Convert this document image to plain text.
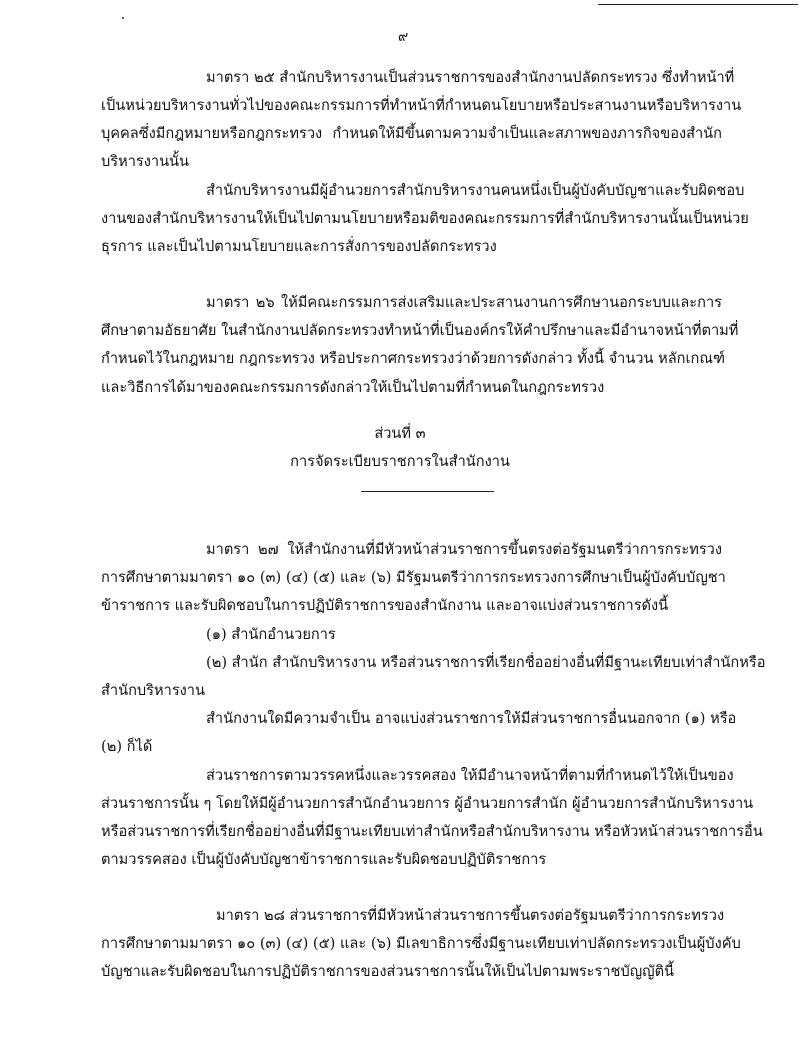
๙
มาตรา ๒๕ สำนักบริหารงานเป็นส่วนราชการของสำนักงานปลัดกระทรวง ซึ่งทำหน้าที่
เป็นหน่วยบริหารงานทั่วไปของคณะกรรมการที่ทำหน้าที่กำหนดนโยบายหรือประสานงานหรือบริหารงาน
บุคคลซึ่งมีกฎหมายหรือกฎกระทรวง กำหนดให้มีขึ้นตามความจำเป็นและสภาพของภารกิจของสำนัก
บริหารงานนั้น
สำนักบริหารงานมีผู้อำนวยการสำนักบริหารงานคนหนึ่งเป็นผู้บังคับบัญชาและรับผิดชอบ
งานของสำนักบริหารงานให้เป็นไปตามนโยบายหรือมติของคณะกรรมการที่สำนักบริหารงานนั้นเป็นหน่วย
ธุรการ และเป็นไปตามนโยบายและการสั่งการของปลัดกระทรวง
มาตรา ๒๖ ให้มีคณะกรรมการส่งเสริมและประสานงานการศึกษานอกระบบและการ
ศึกษาตามอัธยาศัย ในสำนักงานปลัดกระทรวงทำหน้าที่เป็นองค์กรให้คำปรึกษาและมีอำนาจหน้าที่ตามที่
กำหนดไว้ในกฎหมาย กฎกระทรวง หรือประกาศกระทรวงว่าด้วยการดังกล่าว ทั้งนี้ จำนวน หลักเกณฑ์
และวิธีการได้มาของคณะกรรมการดังกล่าวให้เป็นไปตามที่กำหนดในกฎกระทรวง
ส่วนที่ ๓
การจัดระเบียบราชการในสำนักงาน
มาตรา ๒๗ ให้สำนักงานที่มีหัวหน้าส่วนราชการขึ้นตรงต่อรัฐมนตรีว่าการกระทรวง
การศึกษาตามมาตรา ๑๐ (๓) (๔) (๕) และ (๖) มีรัฐมนตรีว่าการกระทรวงการศึกษาเป็นผู้บังคับบัญชา
ข้าราชการ และรับผิดชอบในการปฏิบัติราชการของสำนักงาน และอาจแบ่งส่วนราชการดังนี้
(๑) สำนักอำนวยการ
(๒) สำนัก สำนักบริหารงาน หรือส่วนราชการที่เรียกชื่ออย่างอื่นที่มีฐานะเทียบเท่าสำนักหรือ
สำนักบริหารงาน
สำนักงานใดมีความจำเป็น อาจแบ่งส่วนราชการให้มีส่วนราชการอื่นนอกจาก (๑) หรือ
(๒) ก็ได้
ส่วนราชการตามวรรคหนึ่งและวรรคสอง ให้มีอำนาจหน้าที่ตามที่กำหนดไว้ให้เป็นของ
ส่วนราชการนั้น ๆ โดยให้มีผู้อำนวยการสำนักอำนวยการ ผู้อำนวยการสำนัก ผู้อำนวยการสำนักบริหารงาน
หรือส่วนราชการที่เรียกชื่ออย่างอื่นที่มีฐานะเทียบเท่าสำนักหรือสำนักบริหารงาน หรือหัวหน้าส่วนราชการอื่น
ตามวรรคสอง เป็นผู้บังคับบัญชาข้าราชการและรับผิดชอบปฏิบัติราชการ
มาตรา ๒๘ ส่วนราชการที่มีหัวหน้าส่วนราชการขึ้นตรงต่อรัฐมนตรีว่าการกระทรวง
การศึกษาตามมาตรา ๑๐ (๓) (๔) (๕) และ (๖) มีเลขาธิการซึ่งมีฐานะเทียบเท่าปลัดกระทรวงเป็นผู้บังคับ
บัญชาและรับผิดชอบในการปฏิบัติราชการของส่วนราชการนั้นให้เป็นไปตามพระราชบัญญัตินี้
